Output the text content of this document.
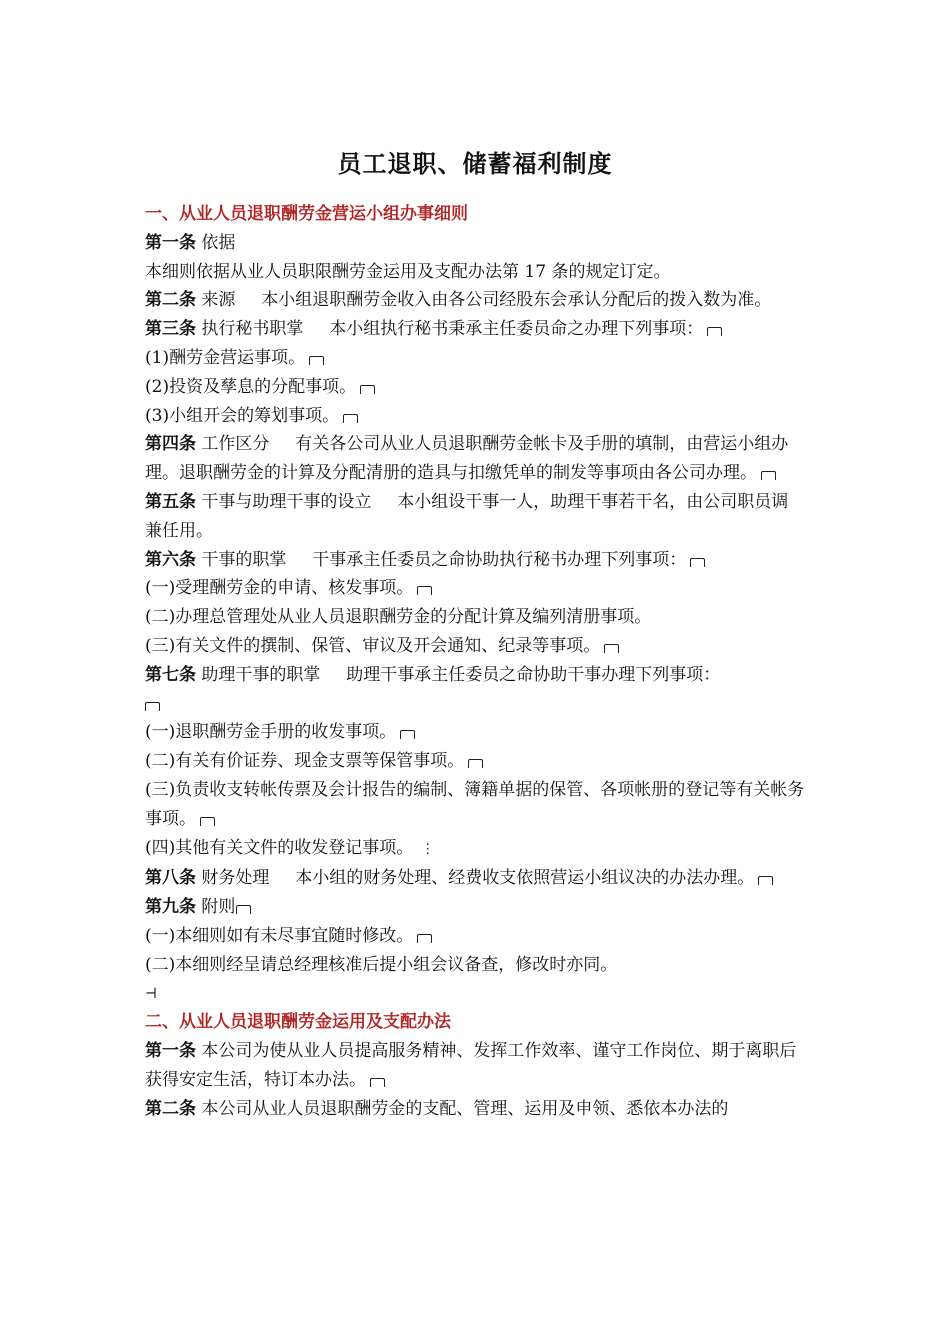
员工退职、储蓄福利制度

一、从业人员退职酬劳金营运小组办事细则

第一条 依据

本细则依据从业人员职限酬劳金运用及支配办法第 17 条的规定订定。

第二条 来源 本小组退职酬劳金收入由各公司经股东会承认分配后的拨入数为准。

第三条 执行秘书职掌 本小组执行秘书秉承主任委员命之办理下列事项：

(1)酬劳金营运事项。

(2)投资及孳息的分配事项。

(3)小组开会的筹划事项。

第四条 工作区分 有关各公司从业人员退职酬劳金帐卡及手册的填制，由营运小组办理。退职酬劳金的计算及分配清册的造具与扣缴凭单的制发等事项由各公司办理。

第五条 干事与助理干事的设立 本小组设干事一人，助理干事若干名，由公司职员调兼任用。

第六条 干事的职掌 干事承主任委员之命协助执行秘书办理下列事项：

(一)受理酬劳金的申请、核发事项。

(二)办理总管理处从业人员退职酬劳金的分配计算及编列清册事项。

(三)有关文件的撰制、保管、审议及开会通知、纪录等事项。

第七条 助理干事的职掌 助理干事承主任委员之命协助干事办理下列事项：

(一)退职酬劳金手册的收发事项。

(二)有关有价证券、现金支票等保管事项。

(三)负责收支转帐传票及会计报告的编制、簿籍单据的保管、各项帐册的登记等有关帐务事项。

(四)其他有关文件的收发登记事项。 ⋮

第八条 财务处理 本小组的财务处理、经费收支依照营运小组议决的办法办理。

第九条 附则

(一)本细则如有未尽事宜随时修改。

(二)本细则经呈请总经理核准后提小组会议备查，修改时亦同。

⊣

二、从业人员退职酬劳金运用及支配办法

第一条 本公司为使从业人员提高服务精神、发挥工作效率、谨守工作岗位、期于离职后获得安定生活，特订本办法。

第二条 本公司从业人员退职酬劳金的支配、管理、运用及申领、悉依本办法的
